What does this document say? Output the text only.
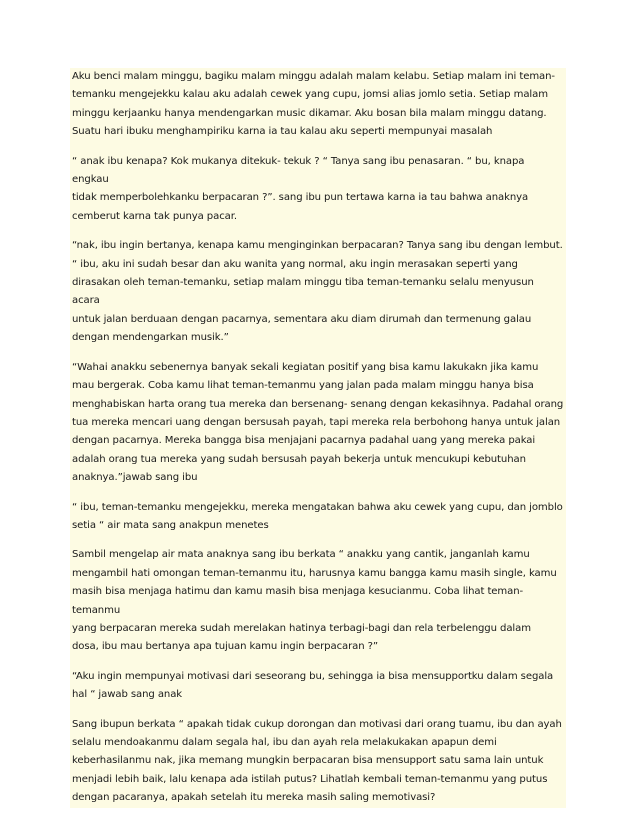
Aku benci malam minggu, bagiku malam minggu adalah malam kelabu. Setiap malam ini teman-
temanku mengejekku kalau aku adalah cewek yang cupu, jomsi alias jomlo setia. Setiap malam
minggu kerjaanku hanya mendengarkan music dikamar. Aku bosan bila malam minggu datang.
Suatu hari ibuku menghampiriku karna ia tau kalau aku seperti mempunyai masalah

“ anak ibu kenapa? Kok mukanya ditekuk- tekuk ? “ Tanya sang ibu penasaran. “ bu, knapa engkau
tidak memperbolehkanku berpacaran ?”. sang ibu pun tertawa karna ia tau bahwa anaknya
cemberut karna tak punya pacar.

“nak, ibu ingin bertanya, kenapa kamu menginginkan berpacaran? Tanya sang ibu dengan lembut.
“ ibu, aku ini sudah besar dan aku wanita yang normal, aku ingin merasakan seperti yang
dirasakan oleh teman-temanku, setiap malam minggu tiba teman-temanku selalu menyusun acara
untuk jalan berduaan dengan pacarnya, sementara aku diam dirumah dan termenung galau
dengan mendengarkan musik.”

“Wahai anakku sebenernya banyak sekali kegiatan positif yang bisa kamu lakukakn jika kamu
mau bergerak. Coba kamu lihat teman-temanmu yang jalan pada malam minggu hanya bisa
menghabiskan harta orang tua mereka dan bersenang- senang dengan kekasihnya. Padahal orang
tua mereka mencari uang dengan bersusah payah, tapi mereka rela berbohong hanya untuk jalan
dengan pacarnya. Mereka bangga bisa menjajani pacarnya padahal uang yang mereka pakai
adalah orang tua mereka yang sudah bersusah payah bekerja untuk mencukupi kebutuhan
anaknya.”jawab sang ibu

“ ibu, teman-temanku mengejekku, mereka mengatakan bahwa aku cewek yang cupu, dan jomblo
setia “ air mata sang anakpun menetes

Sambil mengelap air mata anaknya sang ibu berkata “ anakku yang cantik, janganlah kamu
mengambil hati omongan teman-temanmu itu, harusnya kamu bangga kamu masih single, kamu
masih bisa menjaga hatimu dan kamu masih bisa menjaga kesucianmu. Coba lihat teman-temanmu
yang berpacaran mereka sudah merelakan hatinya terbagi-bagi dan rela terbelenggu dalam
dosa, ibu mau bertanya apa tujuan kamu ingin berpacaran ?”

“Aku ingin mempunyai motivasi dari seseorang bu, sehingga ia bisa mensupportku dalam segala
hal “ jawab sang anak

Sang ibupun berkata “ apakah tidak cukup dorongan dan motivasi dari orang tuamu, ibu dan ayah
selalu mendoakanmu dalam segala hal, ibu dan ayah rela melakukakan apapun demi
keberhasilanmu nak, jika memang mungkin berpacaran bisa mensupport satu sama lain untuk
menjadi lebih baik, lalu kenapa ada istilah putus? Lihatlah kembali teman-temanmu yang putus
dengan pacaranya, apakah setelah itu mereka masih saling memotivasi?
